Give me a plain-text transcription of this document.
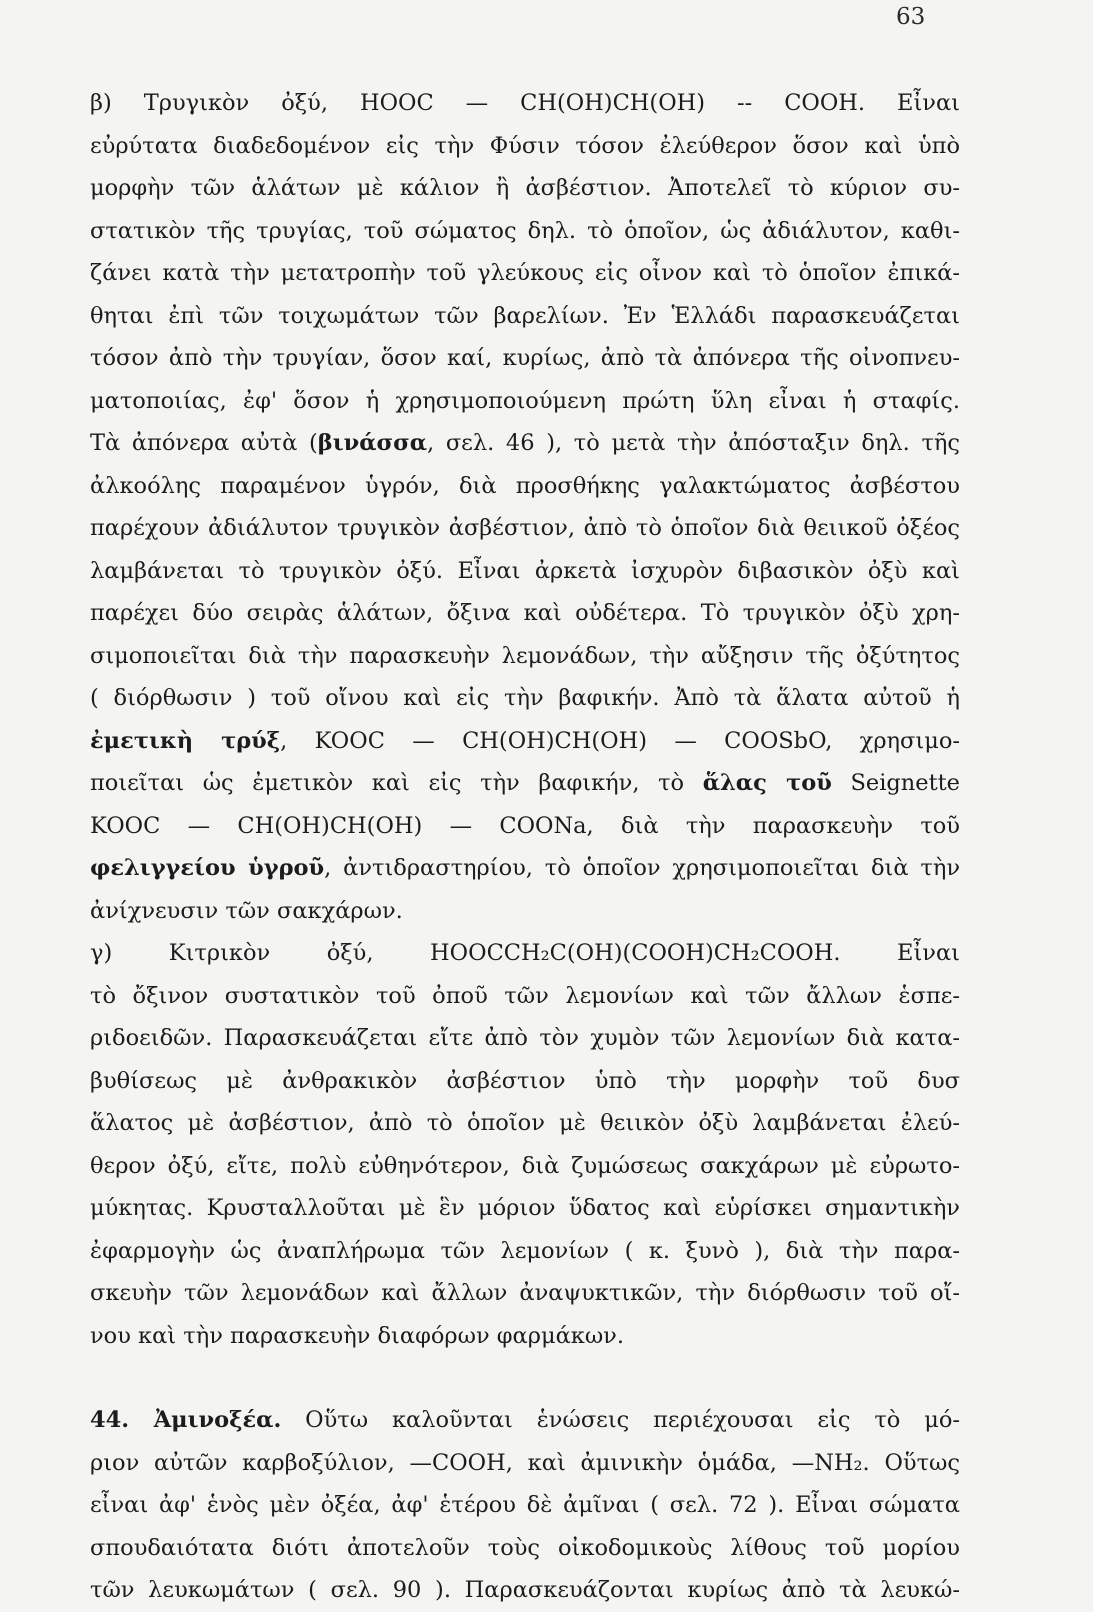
63
β) Τρυγικὸν ὀξύ, HOOC — CH(OH)CH(OH) -- COOH. Εἶναι
εὐρύτατα διαδεδομένον εἰς τὴν Φύσιν τόσον ἐλεύθερον ὅσον καὶ ὑπὸ
μορφὴν τῶν ἁλάτων μὲ κάλιον ἢ ἀσβέστιον. Ἀποτελεῖ τὸ κύριον συ-
στατικὸν τῆς τρυγίας, τοῦ σώματος δηλ. τὸ ὁποῖον, ὡς ἀδιάλυτον, καθι-
ζάνει κατὰ τὴν μετατροπὴν τοῦ γλεύκους εἰς οἶνον καὶ τὸ ὁποῖον ἐπικά-
θηται ἐπὶ τῶν τοιχωμάτων τῶν βαρελίων. Ἐν Ἑλλάδι παρασκευάζεται
τόσον ἀπὸ τὴν τρυγίαν, ὅσον καί, κυρίως, ἀπὸ τὰ ἀπόνερα τῆς οἰνοπνευ-
ματοποιίας, ἐφ' ὅσον ἡ χρησιμοποιούμενη πρώτη ὕλη εἶναι ἡ σταφίς.
Τὰ ἀπόνερα αὐτὰ (βινάσσα, σελ. 46 ), τὸ μετὰ τὴν ἀπόσταξιν δηλ. τῆς
ἀλκοόλης παραμένον ὑγρόν, διὰ προσθήκης γαλακτώματος ἀσβέστου
παρέχουν ἀδιάλυτον τρυγικὸν ἀσβέστιον, ἀπὸ τὸ ὁποῖον διὰ θειικοῦ ὀξέος
λαμβάνεται τὸ τρυγικὸν ὀξύ. Εἶναι ἀρκετὰ ἰσχυρὸν διβασικὸν ὀξὺ καὶ
παρέχει δύο σειρὰς ἁλάτων, ὄξινα καὶ οὐδέτερα. Τὸ τρυγικὸν ὀξὺ χρη-
σιμοποιεῖται διὰ τὴν παρασκευὴν λεμονάδων, τὴν αὔξησιν τῆς ὀξύτητος
( διόρθωσιν ) τοῦ οἴνου καὶ εἰς τὴν βαφικήν. Ἀπὸ τὰ ἅλατα αὐτοῦ ἡ
ἐμετικὴ τρύξ, KOOC — CH(OH)CH(OH) — COOSbO, χρησιμο-
ποιεῖται ὡς ἐμετικὸν καὶ εἰς τὴν βαφικήν, τὸ ἅλας τοῦ Seignette
KOOC — CH(OH)CH(OH) — COONa, διὰ τὴν παρασκευὴν τοῦ
φελιγγείου ὑγροῦ, ἀντιδραστηρίου, τὸ ὁποῖον χρησιμοποιεῖται διὰ τὴν
ἀνίχνευσιν τῶν σακχάρων.
γ) Κιτρικὸν ὀξύ, HOOCCH₂C(OH)(COOH)CH₂COOH. Εἶναι
τὸ ὄξινον συστατικὸν τοῦ ὀποῦ τῶν λεμονίων καὶ τῶν ἄλλων ἑσπε-
ριδοειδῶν. Παρασκευάζεται εἴτε ἀπὸ τὸν χυμὸν τῶν λεμονίων διὰ κατα-
βυθίσεως μὲ ἀνθρακικὸν ἀσβέστιον ὑπὸ τὴν μορφὴν τοῦ δυσ
ἅλατος μὲ ἀσβέστιον, ἀπὸ τὸ ὁποῖον μὲ θειικὸν ὀξὺ λαμβάνεται ἐλεύ-
θερον ὀξύ, εἴτε, πολὺ εὐθηνότερον, διὰ ζυμώσεως σακχάρων μὲ εὐρωτο-
μύκητας. Κρυσταλλοῦται μὲ ἓν μόριον ὕδατος καὶ εὑρίσκει σημαντικὴν
ἐφαρμογὴν ὡς ἀναπλήρωμα τῶν λεμονίων ( κ. ξυνὸ ), διὰ τὴν παρα-
σκευὴν τῶν λεμονάδων καὶ ἄλλων ἀναψυκτικῶν, τὴν διόρθωσιν τοῦ οἴ-
νου καὶ τὴν παρασκευὴν διαφόρων φαρμάκων.
44. Ἀμινοξέα. Οὕτω καλοῦνται ἑνώσεις περιέχουσαι εἰς τὸ μό-
ριον αὐτῶν καρβοξύλιον, —COOH, καὶ ἀμινικὴν ὁμάδα, —NH₂. Οὕτως
εἶναι ἀφ' ἑνὸς μὲν ὀξέα, ἀφ' ἑτέρου δὲ ἀμῖναι ( σελ. 72 ). Εἶναι σώματα
σπουδαιότατα διότι ἀποτελοῦν τοὺς οἰκοδομικοὺς λίθους τοῦ μορίου
τῶν λευκωμάτων ( σελ. 90 ). Παρασκευάζονται κυρίως ἀπὸ τὰ λευκώ-
